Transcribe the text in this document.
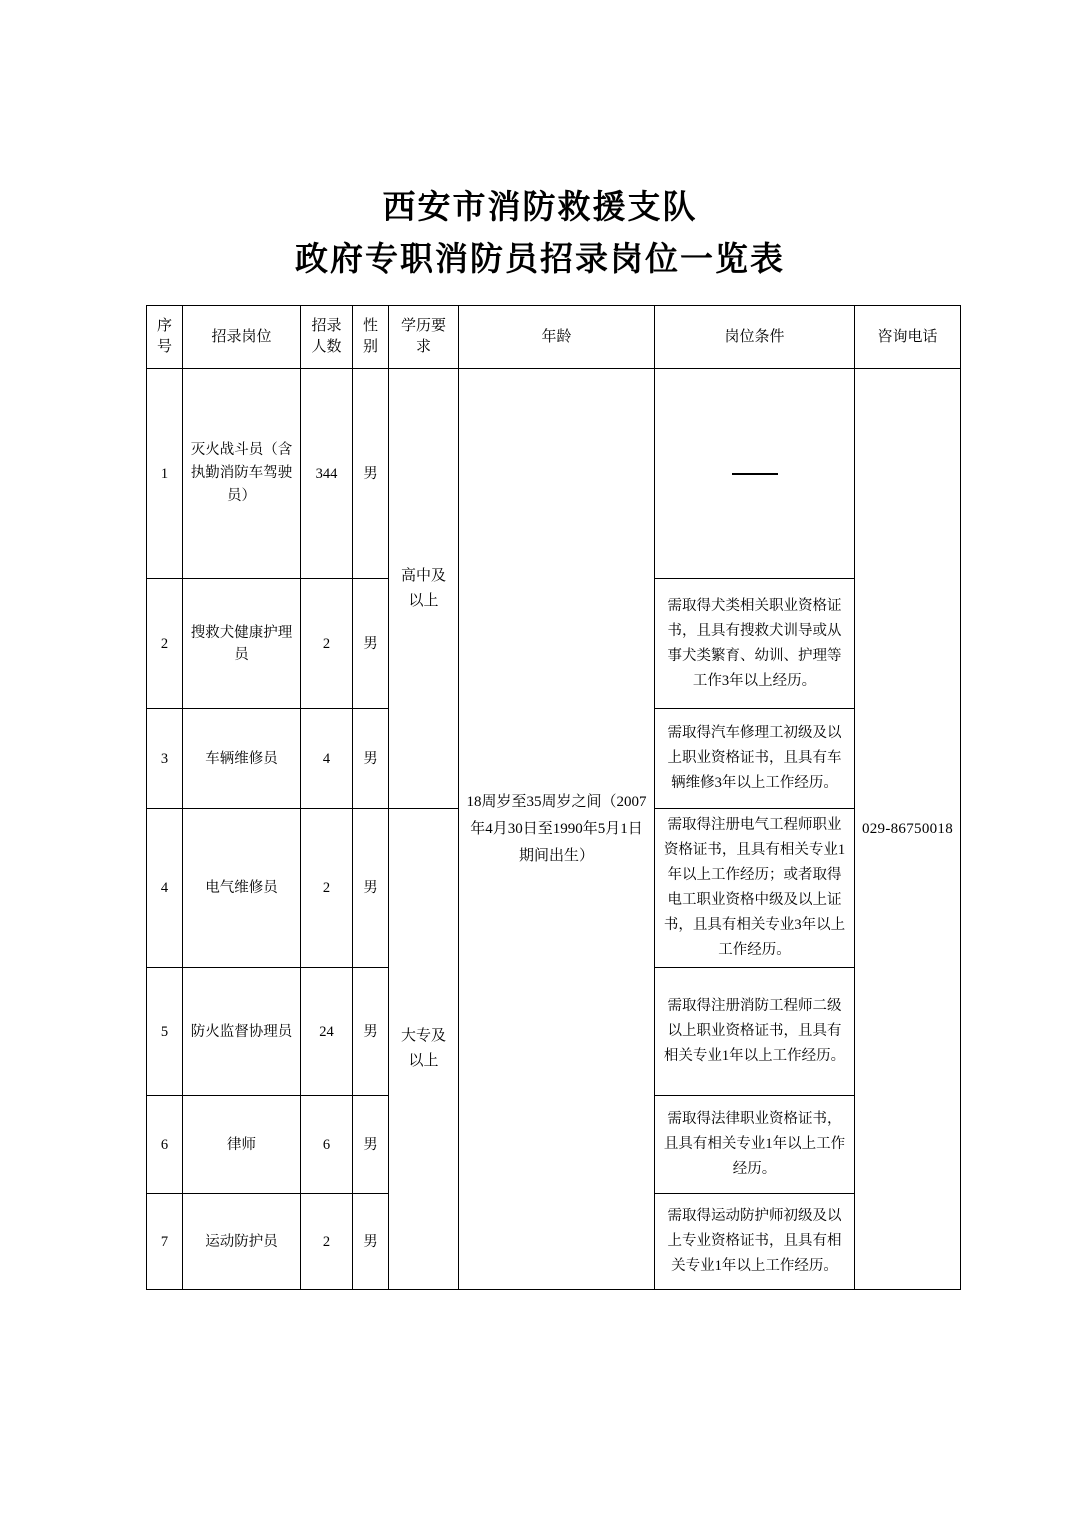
西安市消防救援支队
政府专职消防员招录岗位一览表
序号	招录岗位	招录人数	性别	学历要求	年龄	岗位条件	咨询电话
1	灭火战斗员（含执勤消防车驾驶员）	344	男	高中及以上	18周岁至35周岁之间（2007年4月30日至1990年5月1日期间出生）		029-86750018
2	搜救犬健康护理员	2	男			需取得犬类相关职业资格证书，且具有搜救犬训导或从事犬类繁育、幼训、护理等工作3年以上经历。	
3	车辆维修员	4	男			需取得汽车修理工初级及以上职业资格证书，且具有车辆维修3年以上工作经历。	
4	电气维修员	2	男	大专及以上		需取得注册电气工程师职业资格证书，且具有相关专业1年以上工作经历；或者取得电工职业资格中级及以上证书，且具有相关专业3年以上工作经历。	
5	防火监督协理员	24	男			需取得注册消防工程师二级以上职业资格证书，且具有相关专业1年以上工作经历。	
6	律师	6	男			需取得法律职业资格证书，且具有相关专业1年以上工作经历。	
7	运动防护员	2	男			需取得运动防护师初级及以上专业资格证书，且具有相关专业1年以上工作经历。	
